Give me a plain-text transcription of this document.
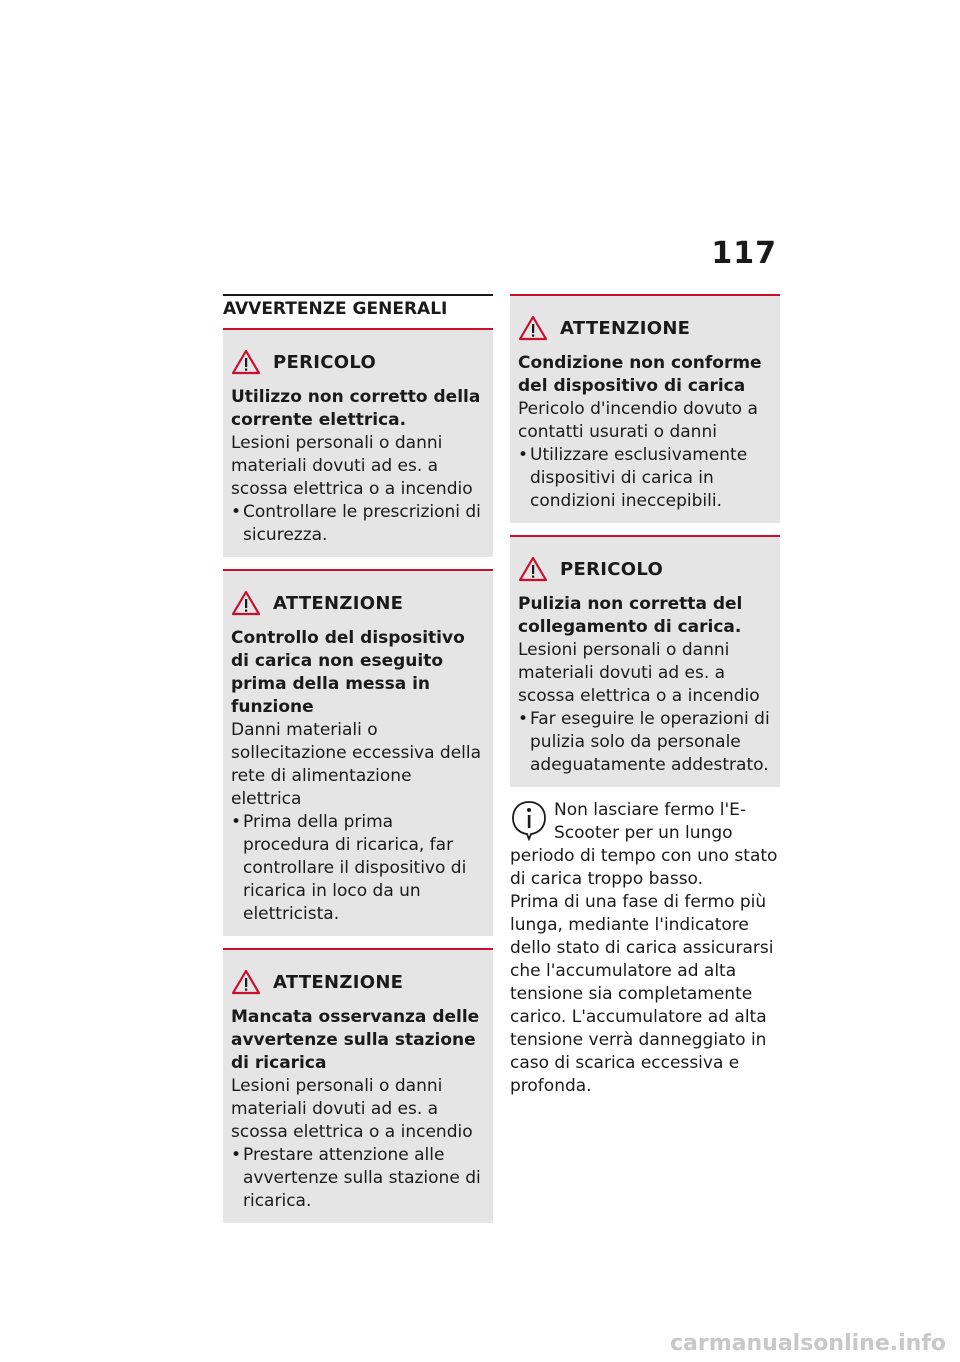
117
AVVERTENZE GENERALI
PERICOLO
Utilizzo non corretto della corrente elettrica.
Lesioni personali o danni materiali dovuti ad es. a scossa elettrica o a incendio
• Controllare le prescrizioni di sicurezza.
ATTENZIONE
Controllo del dispositivo di carica non eseguito prima della messa in funzione
Danni materiali o sollecitazione eccessiva della rete di alimentazione elettrica
• Prima della prima procedura di ricarica, far controllare il dispositivo di ricarica in loco da un elettricista.
ATTENZIONE
Mancata osservanza delle avvertenze sulla stazione di ricarica
Lesioni personali o danni materiali dovuti ad es. a scossa elettrica o a incendio
• Prestare attenzione alle avvertenze sulla stazione di ricarica.
ATTENZIONE
Condizione non conforme del dispositivo di carica
Pericolo d'incendio dovuto a contatti usurati o danni
• Utilizzare esclusivamente dispositivi di carica in condizioni ineccepibili.
PERICOLO
Pulizia non corretta del collegamento di carica.
Lesioni personali o danni materiali dovuti ad es. a scossa elettrica o a incendio
• Far eseguire le operazioni di pulizia solo da personale adeguatamente addestrato.

Non lasciare fermo l'E-Scooter per un lungo periodo di tempo con uno stato di carica troppo basso.

Prima di una fase di fermo più lunga, mediante l'indicatore dello stato di carica assicurarsi che l'accumulatore ad alta tensione sia completamente carico. L'accumulatore ad alta tensione verrà danneggiato in caso di scarica eccessiva e profonda.

carmanualsonline.info
